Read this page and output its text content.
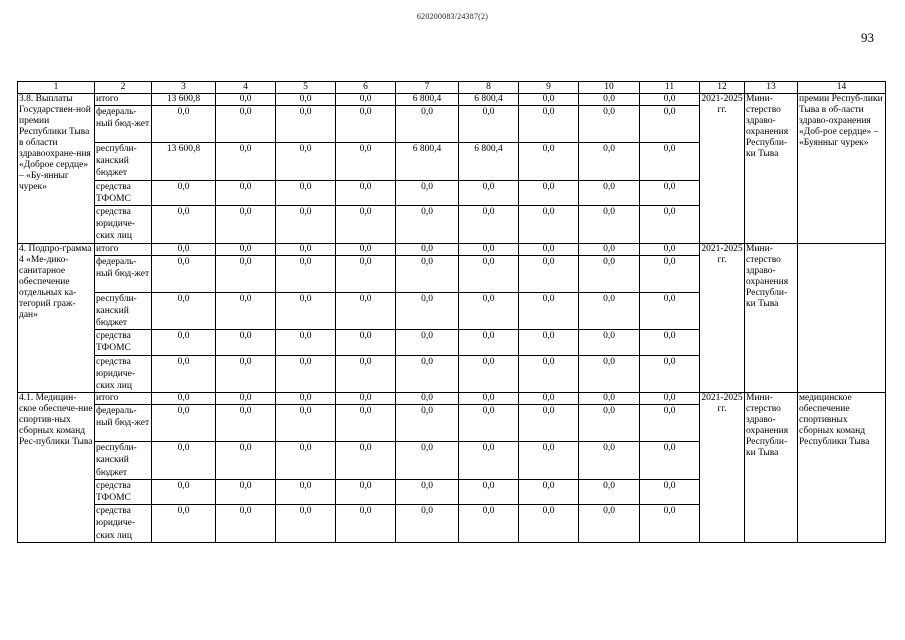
620200083/24387(2)
93
1	2	3	4	5	6	7	8	9	10	11	12	13	14
3.8. Выплаты Государствен-ной премии Республики Тыва в области здравоохране-ния «Доброе сердце» – «Бу-янныг чурек»	итого	13 600,8	0,0	0,0	0,0	6 800,4	6 800,4	0,0	0,0	0,0	2021-2025 гг.	Мини-стерство здраво-охранения Республи-ки Тыва	премии Респуб-лики Тыва в об-ласти здраво-охранения «Доб-рое сердце» – «Буянныг чурек»
	федераль-ный бюд-жет	0,0	0,0	0,0	0,0	0,0	0,0	0,0	0,0	0,0			
	республи-канский бюджет	13 600,8	0,0	0,0	0,0	6 800,4	6 800,4	0,0	0,0	0,0			
	средства ТФОМС	0,0	0,0	0,0	0,0	0,0	0,0	0,0	0,0	0,0			
	средства юридиче-ских лиц	0,0	0,0	0,0	0,0	0,0	0,0	0,0	0,0	0,0			
4. Подпро-грамма 4 «Ме-дико-санитарное обеспечение отдельных ка-тегорий граж-дан»	итого	0,0	0,0	0,0	0,0	0,0	0,0	0,0	0,0	0,0	2021-2025 гг.	Мини-стерство здраво-охранения Республи-ки Тыва	
	федераль-ный бюд-жет	0,0	0,0	0,0	0,0	0,0	0,0	0,0	0,0	0,0			
	республи-канский бюджет	0,0	0,0	0,0	0,0	0,0	0,0	0,0	0,0	0,0			
	средства ТФОМС	0,0	0,0	0,0	0,0	0,0	0,0	0,0	0,0	0,0			
	средства юридиче-ских лиц	0,0	0,0	0,0	0,0	0,0	0,0	0,0	0,0	0,0			
4.1. Медицин-ское обеспече-ние спортив-ных сборных команд Рес-публики Тыва	итого	0,0	0,0	0,0	0,0	0,0	0,0	0,0	0,0	0,0	2021-2025 гг.	Мини-стерство здраво-охранения Республи-ки Тыва	медицинское обеспечение спортивных сборных команд Республики Тыва
	федераль-ный бюд-жет	0,0	0,0	0,0	0,0	0,0	0,0	0,0	0,0	0,0			
	республи-канский бюджет	0,0	0,0	0,0	0,0	0,0	0,0	0,0	0,0	0,0			
	средства ТФОМС	0,0	0,0	0,0	0,0	0,0	0,0	0,0	0,0	0,0			
	средства юридиче-ских лиц	0,0	0,0	0,0	0,0	0,0	0,0	0,0	0,0	0,0			
